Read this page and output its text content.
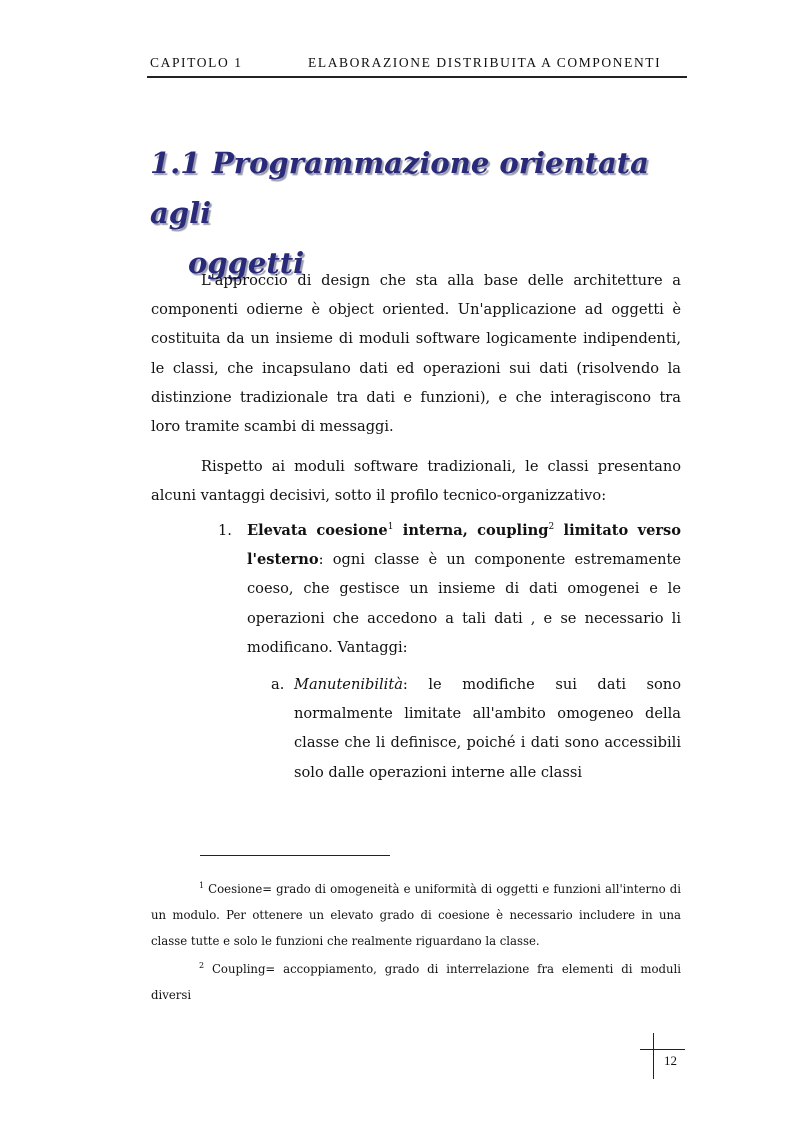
CAPITOLO 1	ELABORAZIONE DISTRIBUITA A COMPONENTI
1.1 Programmazione orientata agli
oggetti

L'approccio di design che sta alla base delle architetture a componenti odierne è object oriented. Un'applicazione ad oggetti è costituita da un insieme di moduli software logicamente indipendenti, le classi, che incapsulano dati ed operazioni sui dati (risolvendo la distinzione tradizionale tra dati e funzioni), e che interagiscono tra loro tramite scambi di messaggi.

Rispetto ai moduli software tradizionali, le classi presentano alcuni vantaggi decisivi, sotto il profilo tecnico-organizzativo:

1. Elevata coesione$^1$ interna, coupling$^2$ limitato verso l'esterno: ogni classe è un componente estremamente coeso, che gestisce un insieme di dati omogenei e le operazioni che accedono a tali dati , e se necessario li modificano. Vantaggi:
a. Manutenibilità: le modifiche sui dati sono normalmente limitate all'ambito omogeneo della classe che li definisce, poiché i dati sono accessibili solo dalle operazioni interne alle classi

$^1$ Coesione= grado di omogeneità e uniformità di oggetti e funzioni all'interno di un modulo. Per ottenere un elevato grado di coesione è necessario includere in una classe tutte e solo le funzioni che realmente riguardano la classe.

$^2$ Coupling= accoppiamento, grado di interrelazione fra elementi di moduli diversi

12
